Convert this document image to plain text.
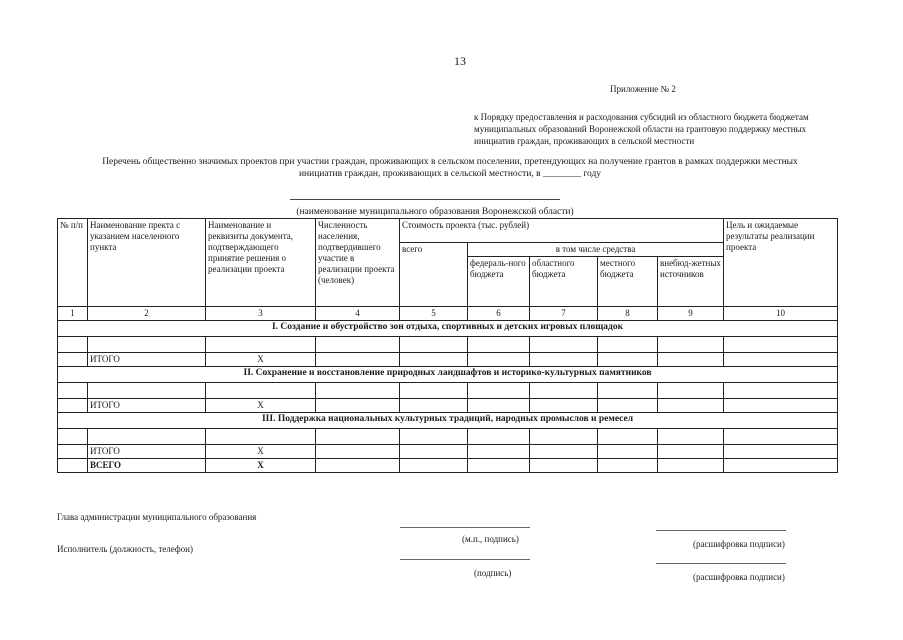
13
Приложение № 2
к Порядку предоставления и расходования субсидий из областного бюджета бюджетам муниципальных образований Воронежской области на грантовую поддержку местных инициатив граждан, проживающих в сельской местности
Перечень общественно значимых проектов при участии граждан, проживающих в сельском поселении, претендующих на получение грантов в рамках поддержки местных инициатив граждан, проживающих в сельской местности, в ________ году
(наименование муниципального образования Воронежской области)
№ п/п	Наименование пректа с указанием населенного пункта	Наименование и реквизиты документа, подтверждающего принятие решения о реализации проекта	Численность населения, подтвердившего участие в реализации проекта (человек)	Стоимость проекта (тыс. рублей)					Цель и ожидаемые результаты реализации проекта
				всего	в том числе средства				
					федераль-ного бюджета	областного бюджета	местного бюджета	внебюд-жетных источников	
1	2	3	4	5	6	7	8	9	10
I. Создание и обустройство зон отдыха, спортивных и детских игровых площадок									

	ИТОГО	Х							
II. Сохранение и восстановление природных ландшафтов и историко-культурных памятников									

	ИТОГО	Х							
III. Поддержка национальных культурных традиций, народных промыслов и ремесел									

	ИТОГО	Х							
	ВСЕГО	Х							
Глава администрации муниципального образования
(м.п., подпись)	(расшифровка подписи)
Исполнитель (должность, телефон)
(подпись)	(расшифровка подписи)
